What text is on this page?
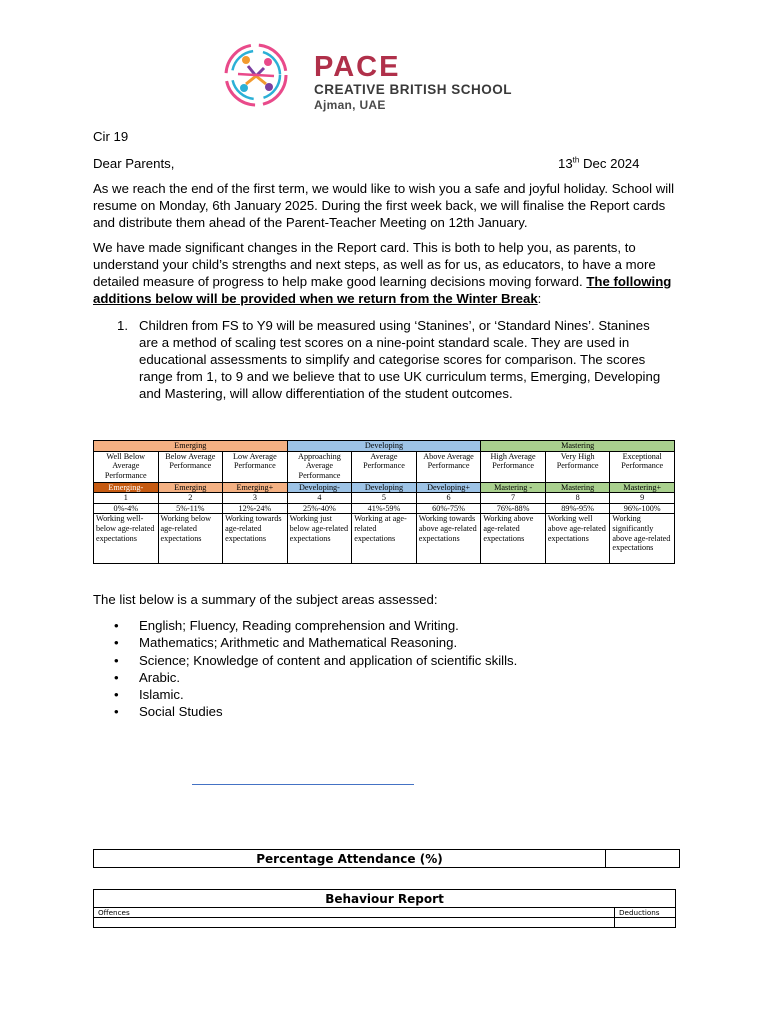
PACE
CREATIVE BRITISH SCHOOL
Ajman, UAE
Cir 19
Dear Parents,	13th Dec 2024
As we reach the end of the first term, we would like to wish you a safe and joyful holiday. School will resume on Monday, 6th January 2025. During the first week back, we will finalise the Report cards and distribute them ahead of the Parent-Teacher Meeting on 12th January.
We have made significant changes in the Report card. This is both to help you, as parents, to understand your child’s strengths and next steps, as well as for us, as educators, to have a more detailed measure of progress to help make good learning decisions moving forward. The following additions below will be provided when we return from the Winter Break:
1. Children from FS to Y9 will be measured using ‘Stanines’, or ‘Standard Nines’. Stanines are a method of scaling test scores on a nine-point standard scale. They are used in educational assessments to simplify and categorise scores for comparison. The scores range from 1, to 9 and we believe that to use UK curriculum terms, Emerging, Developing and Mastering, will allow differentiation of the student outcomes.
Emerging			Developing			Mastering		
Well Below Average Performance	Below Average Performance	Low Average Performance	Approaching Average Performance	Average Performance	Above Average Performance	High Average Performance	Very High Performance	Exceptional Performance
Emerging-	Emerging	Emerging+	Developing-	Developing	Developing+	Mastering -	Mastering	Mastering+
1	2	3	4	5	6	7	8	9
0%-4%	5%-11%	12%-24%	25%-40%	41%-59%	60%-75%	76%-88%	89%-95%	96%-100%
Working well-below age-related expectations	Working below age-related expectations	Working towards age-related expectations	Working just below age-related expectations	Working at age-related expectations	Working towards above age-related expectations	Working above age-related expectations	Working well above age-related expectations	Working significantly above age-related expectations
The list below is a summary of the subject areas assessed:
• English; Fluency, Reading comprehension and Writing.
• Mathematics; Arithmetic and Mathematical Reasoning.
• Science; Knowledge of content and application of scientific skills.
• Arabic.
• Islamic.
• Social Studies
Percentage Attendance (%)	
Behaviour Report	
Offences	Deductions
